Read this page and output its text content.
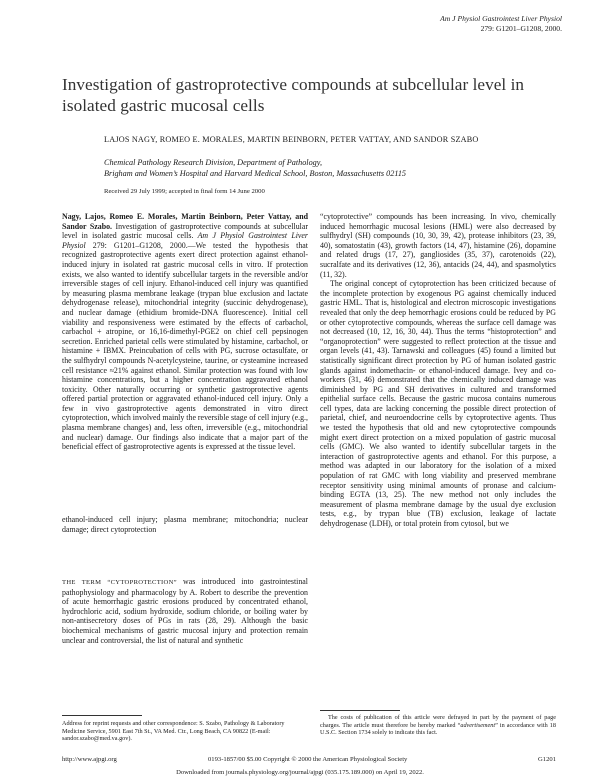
Am J Physiol Gastrointest Liver Physiol
279: G1201–G1208, 2000.
Investigation of gastroprotective compounds at subcellular level in isolated gastric mucosal cells
LAJOS NAGY, ROMEO E. MORALES, MARTIN BEINBORN, PETER VATTAY, AND SANDOR SZABO
Chemical Pathology Research Division, Department of Pathology,
Brigham and Women’s Hospital and Harvard Medical School, Boston, Massachusetts 02115
Received 29 July 1999; accepted in final form 14 June 2000
Nagy, Lajos, Romeo E. Morales, Martin Beinborn, Peter Vattay, and Sandor Szabo. Investigation of gastroprotective compounds at subcellular level in isolated gastric mucosal cells. Am J Physiol Gastrointest Liver Physiol 279: G1201–G1208, 2000.—We tested the hypothesis that recognized gastroprotective agents exert direct protection against ethanol-induced injury in isolated rat gastric mucosal cells in vitro. If protection exists, we also wanted to identify subcellular targets in the reversible and/or irreversible stages of cell injury. Ethanol-induced cell injury was quantified by measuring plasma membrane leakage (trypan blue exclusion and lactate dehydrogenase release), mitochondrial integrity (succinic dehydrogenase), and nuclear damage (ethidium bromide-DNA fluorescence). Initial cell viability and responsiveness were estimated by the effects of carbachol, carbachol + atropine, or 16,16-dimethyl-PGE2 on chief cell pepsinogen secretion. Enriched parietal cells were stimulated by histamine, carbachol, or histamine + IBMX. Preincubation of cells with PG, sucrose octasulfate, or the sulfhydryl compounds N-acetylcysteine, taurine, or cysteamine increased cell resistance ≈21% against ethanol. Similar protection was found with low histamine concentrations, but a higher concentration aggravated ethanol toxicity. Other naturally occurring or synthetic gastroprotective agents offered partial protection or aggravated ethanol-induced cell injury. Only a few in vivo gastroprotective agents demonstrated in vitro direct cytoprotection, which involved mainly the reversible stage of cell injury (e.g., plasma membrane changes) and, less often, irreversible (e.g., mitochondrial and nuclear) damage. Our findings also indicate that a major part of the beneficial effect of gastroprotective agents is expressed at the tissue level.
ethanol-induced cell injury; plasma membrane; mitochondria; nuclear damage; direct cytoprotection
THE TERM “CYTOPROTECTION” was introduced into gastrointestinal pathophysiology and pharmacology by A. Robert to describe the prevention of acute hemorrhagic gastric erosions produced by concentrated ethanol, hydrochloric acid, sodium hydroxide, sodium chloride, or boiling water by non-antisecretory doses of PGs in rats (28, 29). Although the basic biochemical mechanisms of gastric mucosal injury and protection remain unclear and controversial, the list of natural and synthetic

“cytoprotective” compounds has been increasing. In vivo, chemically induced hemorrhagic mucosal lesions (HML) were also decreased by sulfhydryl (SH) compounds (10, 30, 39, 42), protease inhibitors (23, 39, 40), somatostatin (43), growth factors (14, 47), histamine (26), dopamine and related drugs (17, 27), gangliosides (35, 37), carotenoids (22), sucralfate and its derivatives (12, 36), antacids (24, 44), and spasmolytics (11, 32).

The original concept of cytoprotection has been criticized because of the incomplete protection by exogenous PG against chemically induced gastric HML. That is, histological and electron microscopic investigations revealed that only the deep hemorrhagic erosions could be reduced by PG or other cytoprotective compounds, whereas the surface cell damage was not decreased (10, 12, 16, 30, 44). Thus the terms “histoprotection” and “organoprotection” were suggested to reflect protection at the tissue and organ levels (41, 43). Tarnawski and colleagues (45) found a limited but statistically significant direct protection by PG of human isolated gastric glands against indomethacin- or ethanol-induced damage. Ivey and co-workers (31, 46) demonstrated that the chemically induced damage was diminished by PG and SH derivatives in cultured and transformed epithelial surface cells. Because the gastric mucosa contains numerous cell types, data are lacking concerning the possible direct protection of parietal, chief, and neuroendocrine cells by cytoprotective agents. Thus we tested the hypothesis that old and new cytoprotective compounds might exert direct protection on a mixed population of gastric mucosal cells (GMC). We also wanted to identify subcellular targets in the interaction of gastroprotective agents and ethanol. For this purpose, a method was adapted in our laboratory for the isolation of a mixed population of rat GMC with long viability and preserved membrane receptor sensitivity using minimal amounts of pronase and calcium-binding EGTA (13, 25). The new method not only includes the measurement of plasma membrane damage by the usual dye exclusion tests, e.g., by trypan blue (TB) exclusion, leakage of lactate dehydrogenase (LDH), or total protein from cytosol, but we

Address for reprint requests and other correspondence: S. Szabo, Pathology & Laboratory Medicine Service, 5901 East 7th St., VA Med. Ctr., Long Beach, CA 90822 (E-mail: sandor.szabo@med.va.gov).
The costs of publication of this article were defrayed in part by the payment of page charges. The article must therefore be hereby marked “advertisement” in accordance with 18 U.S.C. Section 1734 solely to indicate this fact.
http://www.ajpgi.org	0193-1857/00 $5.00 Copyright © 2000 the American Physiological Society	G1201
Downloaded from journals.physiology.org/journal/ajpgi (035.175.189.000) on April 19, 2022.
